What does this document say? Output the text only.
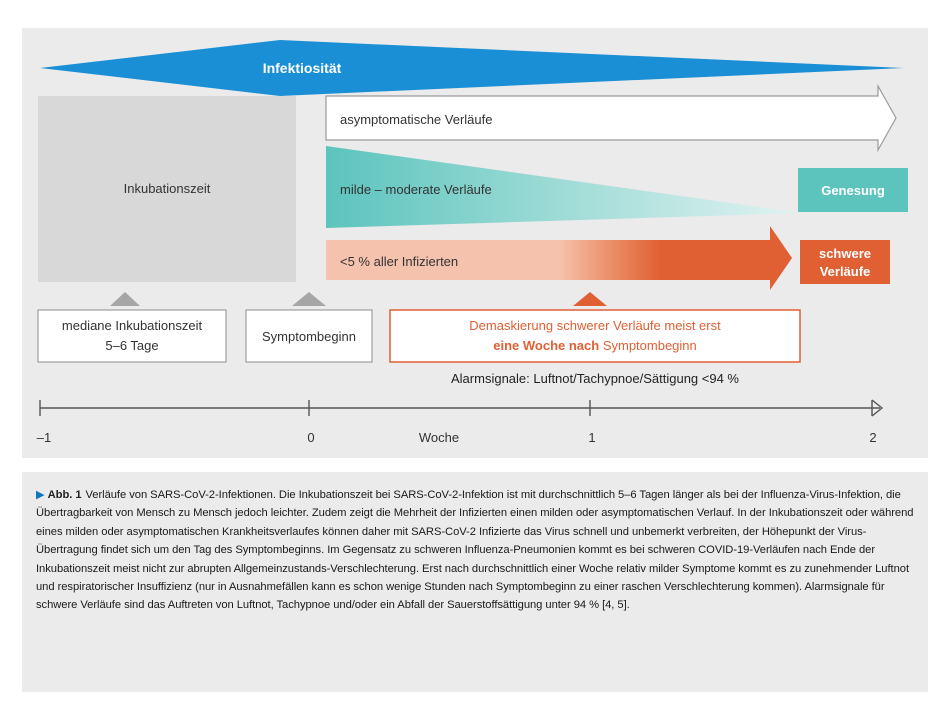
Infektiosität
Inkubationszeit
asymptomatische Verläufe
milde – moderate Verläufe	Genesung
<5 % aller Infizierten
schwere
Verläufe
mediane Inkubationszeit
5–6 Tage
Symptombeginn
Demaskierung schwerer Verläufe meist erst
eine Woche nach Symptombeginn
Alarmsignale: Luftnot/Tachypnoe/Sättigung <94 %
–1	0	Woche	1	2

▶ Abb. 1 Verläufe von SARS-CoV-2-Infektionen. Die Inkubationszeit bei SARS-CoV-2-Infektion ist mit durchschnittlich 5–6 Tagen länger als bei der Influenza-Virus-Infektion, die Übertragbarkeit von Mensch zu Mensch jedoch leichter. Zudem zeigt die Mehrheit der Infizierten einen milden oder asymptomatischen Verlauf. In der Inkubationszeit oder während eines milden oder asymptomatischen Krankheitsverlaufes können daher mit SARS-CoV-2 Infizierte das Virus schnell und unbemerkt verbreiten, der Höhepunkt der Virus-Übertragung findet sich um den Tag des Symptombeginns. Im Gegensatz zu schweren Influenza-Pneumonien kommt es bei schweren COVID-19-Verläufen nach Ende der Inkubationszeit meist nicht zur abrupten Allgemeinzustands-Verschlechterung. Erst nach durchschnittlich einer Woche relativ milder Symptome kommt es zu zunehmender Luftnot und respiratorischer Insuffizienz (nur in Ausnahmefällen kann es schon wenige Stunden nach Symptombeginn zu einer raschen Verschlechterung kommen). Alarmsignale für schwere Verläufe sind das Auftreten von Luftnot, Tachypnoe und/oder ein Abfall der Sauerstoffsättigung unter 94 % [4, 5].
